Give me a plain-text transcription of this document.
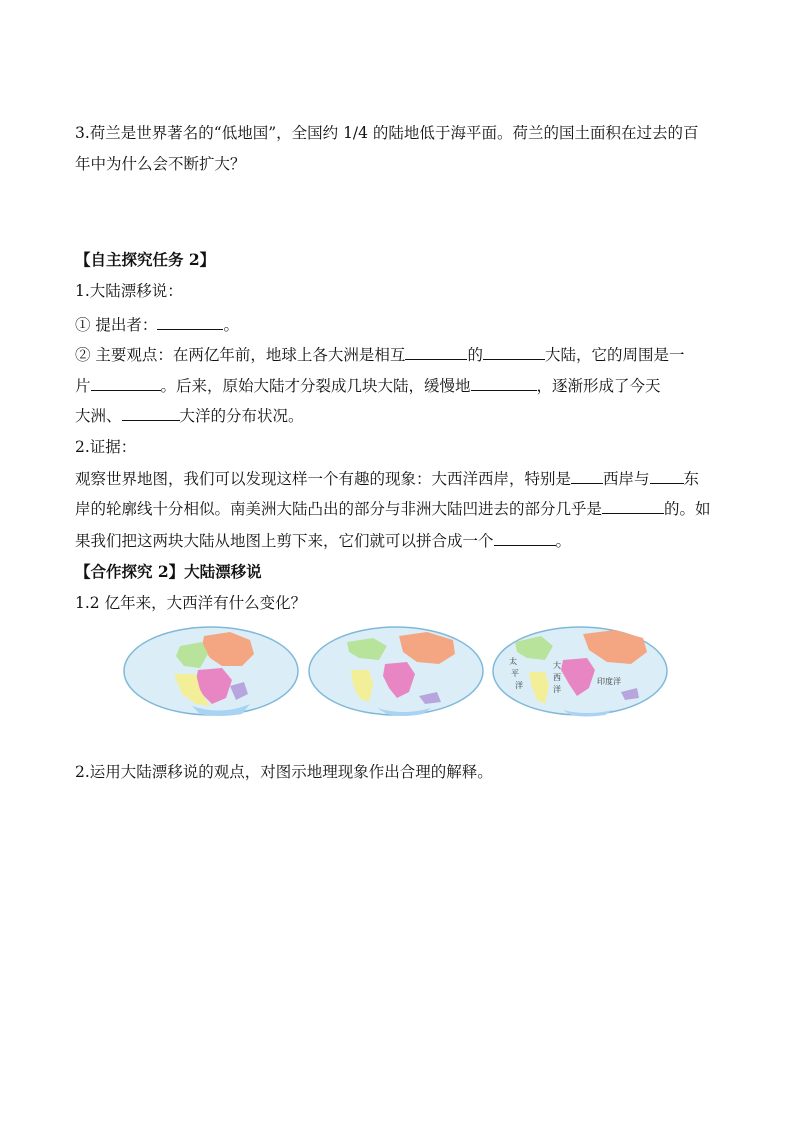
3.荷兰是世界著名的“低地国”，全国约 1/4 的陆地低于海平面。荷兰的国土面积在过去的百
年中为什么会不断扩大？
【自主探究任务 2】
1.大陆漂移说：
① 提出者：	。
② 主要观点：在两亿年前，地球上各大洲是相互	的	大陆，它的周围是一
片	。后来，原始大陆才分裂成几块大陆，缓慢地	，逐渐形成了今天
大洲、	大洋的分布状况。
2.证据：
观察世界地图，我们可以发现这样一个有趣的现象：大西洋西岸，特别是 西岸与 东
岸的轮廓线十分相似。南美洲大陆凸出的部分与非洲大陆凹进去的部分几乎是	的。如
果我们把这两块大陆从地图上剪下来，它们就可以拼合成一个	。
【合作探究 2】大陆漂移说
1.2 亿年来，大西洋有什么变化？
太
平
洋
大
西
洋
印 度 洋
2.运用大陆漂移说的观点，对图示地理现象作出合理的解释。
